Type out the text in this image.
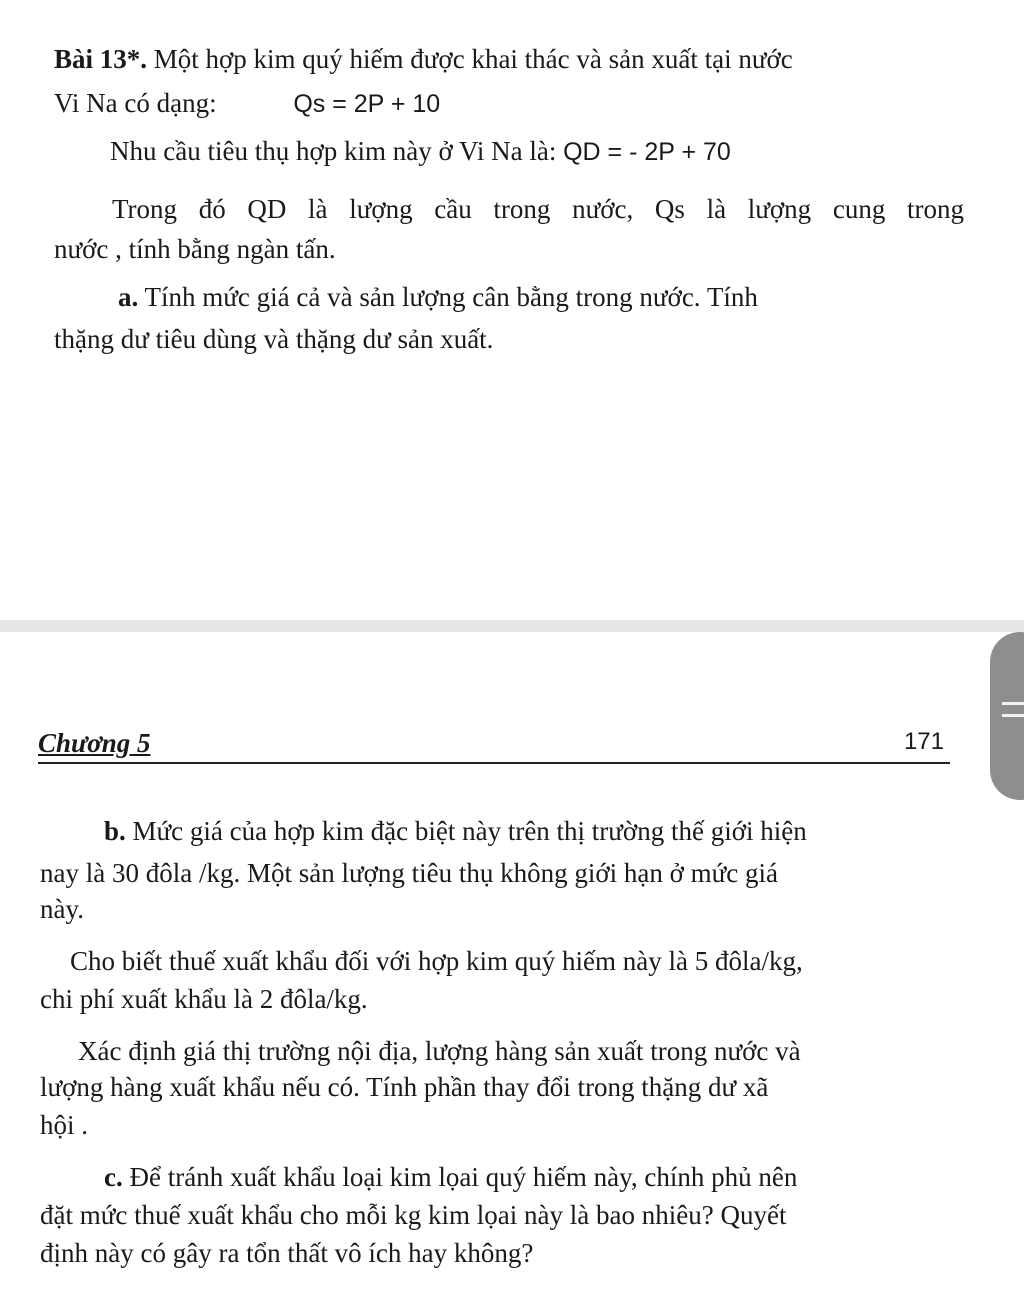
Bài 13*. Một hợp kim quý hiếm được khai thác và sản xuất tại nước
Vi Na có dạng:	Qs = 2P + 10
Nhu cầu tiêu thụ hợp kim này ở Vi Na là: QD = - 2P + 70
Trong đó QD là lượng cầu trong nước, Qs là lượng cung trong
nước , tính bằng ngàn tấn.
a. Tính mức giá cả và sản lượng cân bằng trong nước. Tính
thặng dư tiêu dùng và thặng dư sản xuất.
Chương 5	171
b. Mức giá của hợp kim đặc biệt này trên thị trường thế giới hiện
nay là 30 đôla /kg. Một sản lượng tiêu thụ không giới hạn ở mức giá
này.
Cho biết thuế xuất khẩu đối với hợp kim quý hiếm này là 5 đôla/kg,
chi phí xuất khẩu là 2 đôla/kg.
Xác định giá thị trường nội địa, lượng hàng sản xuất trong nước và
lượng hàng xuất khẩu nếu có. Tính phần thay đổi trong thặng dư xã
hội .
c. Để tránh xuất khẩu loại kim lọai quý hiếm này, chính phủ nên
đặt mức thuế xuất khẩu cho mỗi kg kim lọai này là bao nhiêu? Quyết
định này có gây ra tổn thất vô ích hay không?
